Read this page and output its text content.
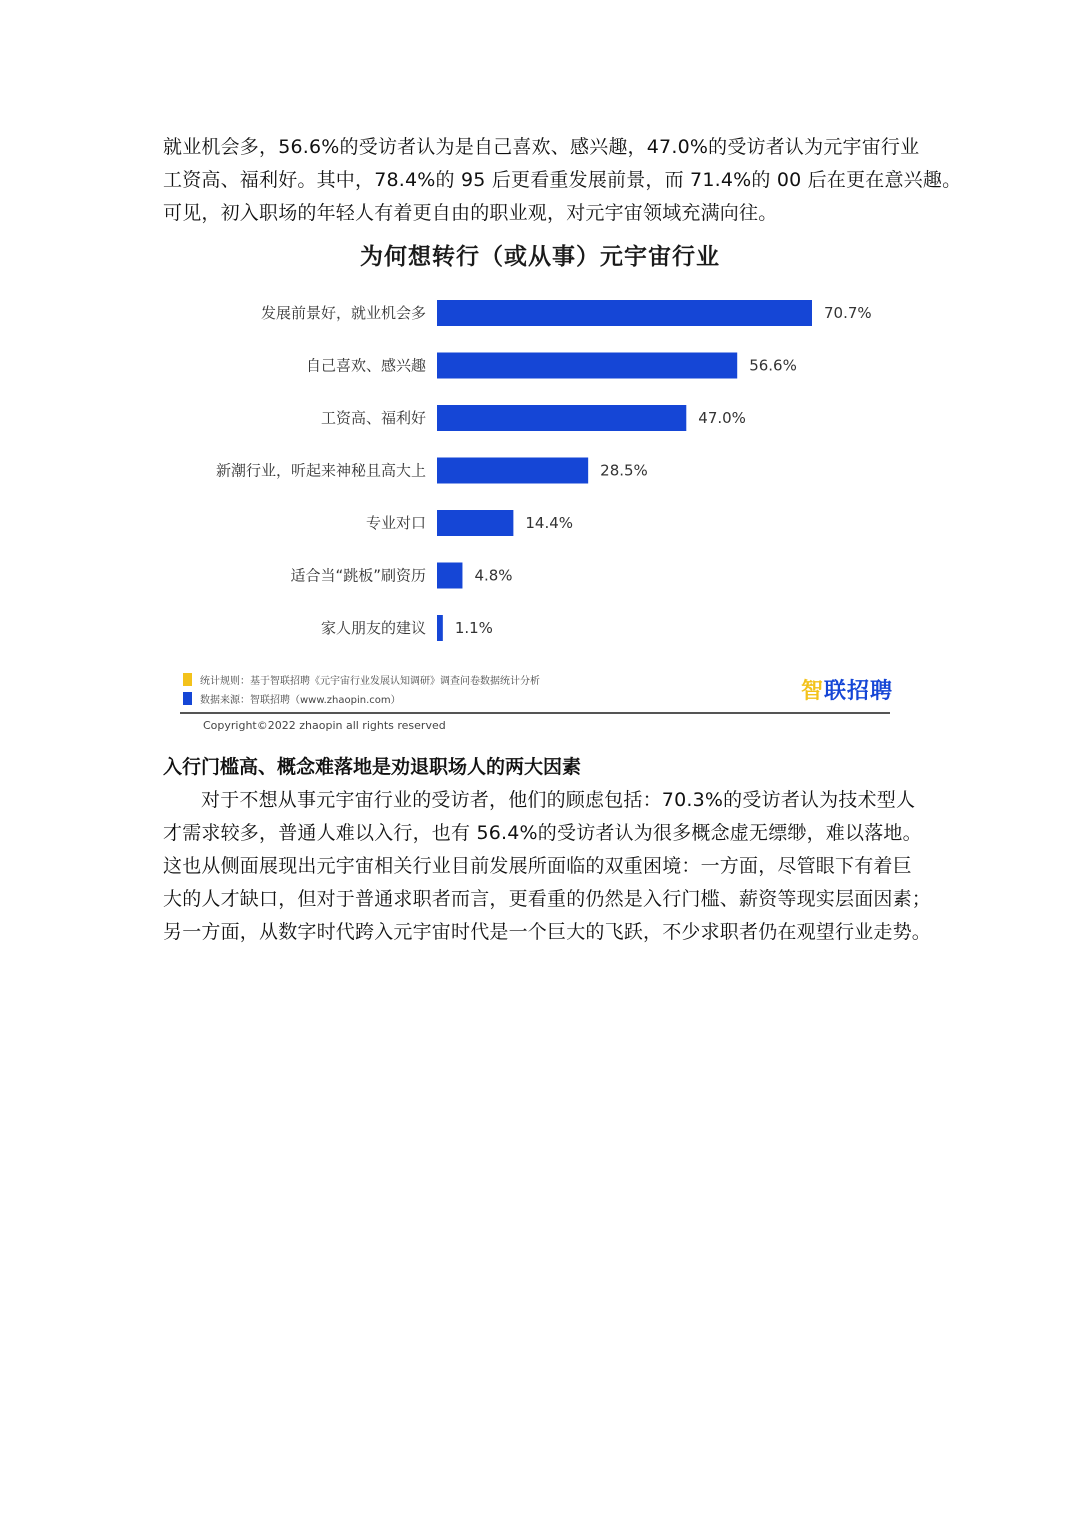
就业机会多，56.6%的受访者认为是自己喜欢、感兴趣，47.0%的受访者认为元宇宙行业
工资高、福利好。其中，78.4%的 95 后更看重发展前景，而 71.4%的 00 后在更在意兴趣。
可见，初入职场的年轻人有着更自由的职业观，对元宇宙领域充满向往。
为何想转行（或从事）元宇宙行业
发展前景好，就业机会多	70.7%
自己喜欢、感兴趣	56.6%
工资高、福利好	47.0%
新潮行业，听起来神秘且高大上	28.5%
专业对口	14.4%
适合当“跳板”刷资历	4.8%
家人朋友的建议 1.1%
统计规则：基于智联招聘《元宇宙行业发展认知调研》调查问卷数据统计分析
数据来源：智联招聘（www.zhaopin.com）	智联招聘
Copyright©2022 zhaopin all rights reserved
入行门槛高、概念难落地是劝退职场人的两大因素
对于不想从事元宇宙行业的受访者，他们的顾虑包括：70.3%的受访者认为技术型人
才需求较多，普通人难以入行，也有 56.4%的受访者认为很多概念虚无缥缈，难以落地。
这也从侧面展现出元宇宙相关行业目前发展所面临的双重困境：一方面，尽管眼下有着巨
大的人才缺口，但对于普通求职者而言，更看重的仍然是入行门槛、薪资等现实层面因素；
另一方面，从数字时代跨入元宇宙时代是一个巨大的飞跃，不少求职者仍在观望行业走势。
